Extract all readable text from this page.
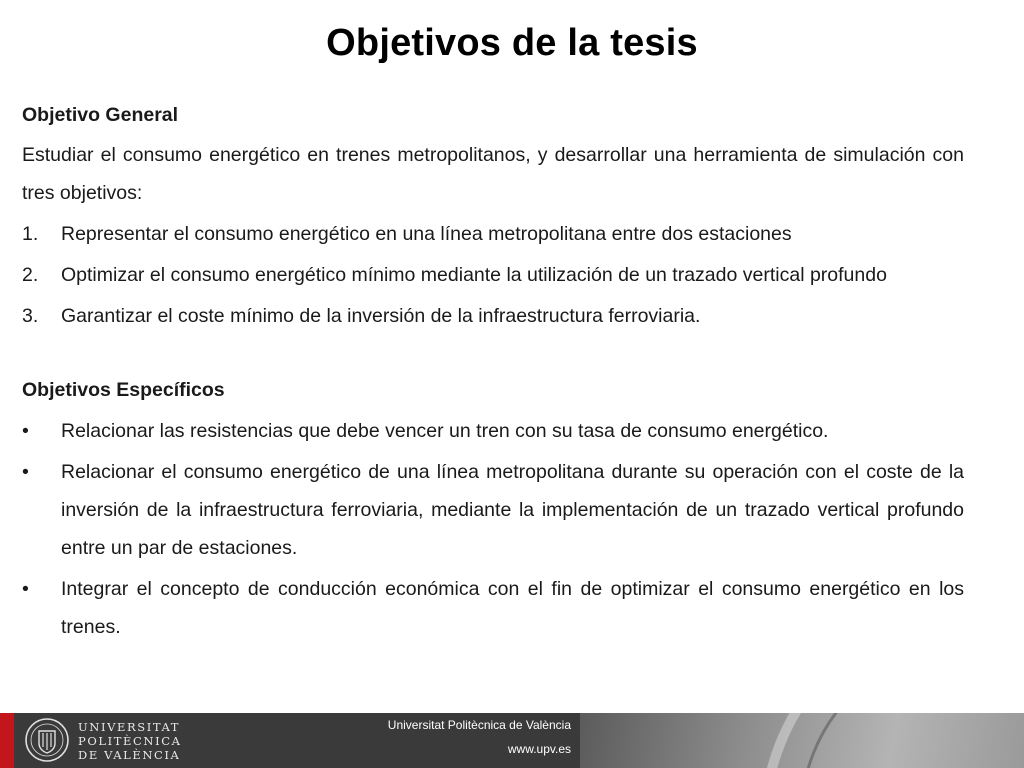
Objetivos de la tesis
Objetivo General
Estudiar el consumo energético en trenes metropolitanos, y desarrollar una herramienta de simulación con tres objetivos:
1. Representar el consumo energético en una línea metropolitana entre dos estaciones
2. Optimizar el consumo energético mínimo mediante la utilización de un trazado vertical profundo
3. Garantizar el coste mínimo de la inversión de la infraestructura ferroviaria.
Objetivos Específicos
• Relacionar las resistencias que debe vencer un tren con su tasa de consumo energético.
• Relacionar el consumo energético de una línea metropolitana durante su operación con el coste de la inversión de la infraestructura ferroviaria, mediante la implementación de un trazado vertical profundo entre un par de estaciones.
• Integrar el concepto de conducción económica con el fin de optimizar el consumo energético en los trenes.
UNIVERSITAT
POLITÈCNICA
DE VALÈNCIA
Universitat Politècnica de València
www.upv.es
